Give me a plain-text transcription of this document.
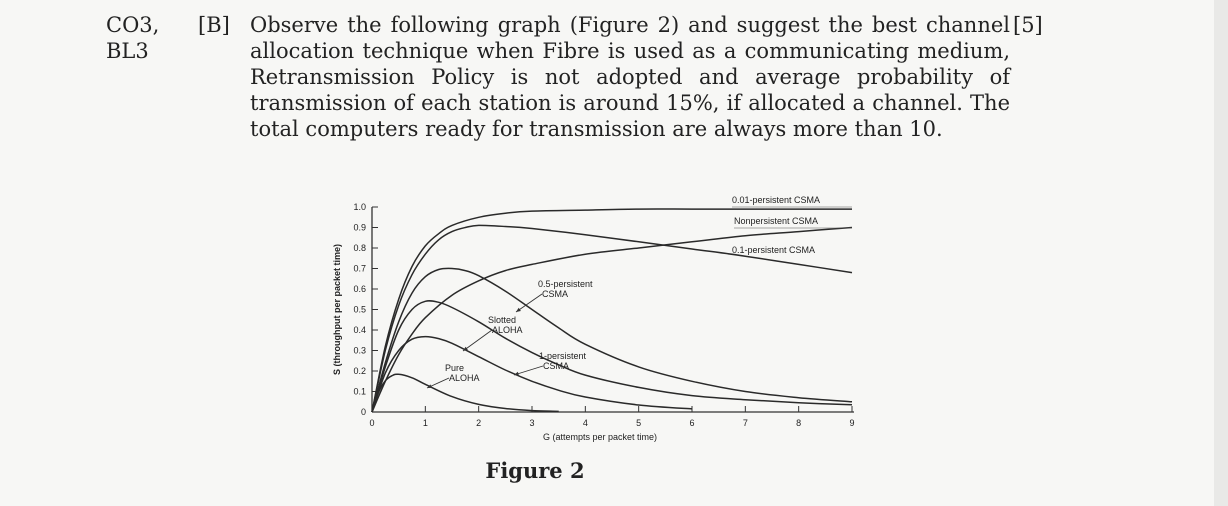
CO3,
BL3
[B] Observe the following graph (Figure 2) and suggest the best channel
allocation technique when Fibre is used as a communicating medium,
Retransmission Policy is not adopted and average probability of
transmission of each station is around 15%, if allocated a channel. The
total computers ready for transmission are always more than 10.
[5]
0	1	2	3	4	5	6	7	8	9
0
0.1
0.2
0.3
0.4
0.5
0.6
0.7
0.8
0.9
1.0
G (attempts per packet time)
S (throughput per packet time)
0.01-persistent CSMA
Nonpersistent CSMA
0.1-persistent CSMA
0.5-persistent
CSMA
Slotted
ALOHA
1-persistent
CSMA
Pure
ALOHA
Figure 2
